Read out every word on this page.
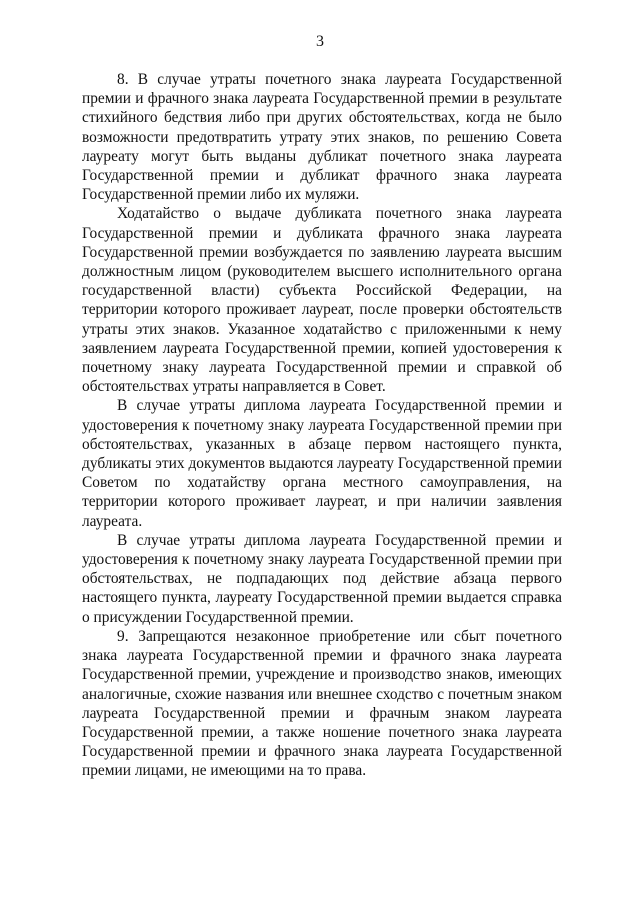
3

8. В случае утраты почетного знака лауреата Государственной премии и фрачного знака лауреата Государственной премии в результате стихийного бедствия либо при других обстоятельствах, когда не было возможности предотвратить утрату этих знаков, по решению Совета лауреату могут быть выданы дубликат почетного знака лауреата Государственной премии и дубликат фрачного знака лауреата Государственной премии либо их муляжи.

Ходатайство о выдаче дубликата почетного знака лауреата Государственной премии и дубликата фрачного знака лауреата Государственной премии возбуждается по заявлению лауреата высшим должностным лицом (руководителем высшего исполнительного органа государственной власти) субъекта Российской Федерации, на территории которого проживает лауреат, после проверки обстоятельств утраты этих знаков. Указанное ходатайство с приложенными к нему заявлением лауреата Государственной премии, копией удостоверения к почетному знаку лауреата Государственной премии и справкой об обстоятельствах утраты направляется в Совет.

В случае утраты диплома лауреата Государственной премии и удостоверения к почетному знаку лауреата Государственной премии при обстоятельствах, указанных в абзаце первом настоящего пункта, дубликаты этих документов выдаются лауреату Государственной премии Советом по ходатайству органа местного самоуправления, на территории которого проживает лауреат, и при наличии заявления лауреата.

В случае утраты диплома лауреата Государственной премии и удостоверения к почетному знаку лауреата Государственной премии при обстоятельствах, не подпадающих под действие абзаца первого настоящего пункта, лауреату Государственной премии выдается справка о присуждении Государственной премии.

9. Запрещаются незаконное приобретение или сбыт почетного знака лауреата Государственной премии и фрачного знака лауреата Государственной премии, учреждение и производство знаков, имеющих аналогичные, схожие названия или внешнее сходство с почетным знаком лауреата Государственной премии и фрачным знаком лауреата Государственной премии, а также ношение почетного знака лауреата Государственной премии и фрачного знака лауреата Государственной премии лицами, не имеющими на то права.
